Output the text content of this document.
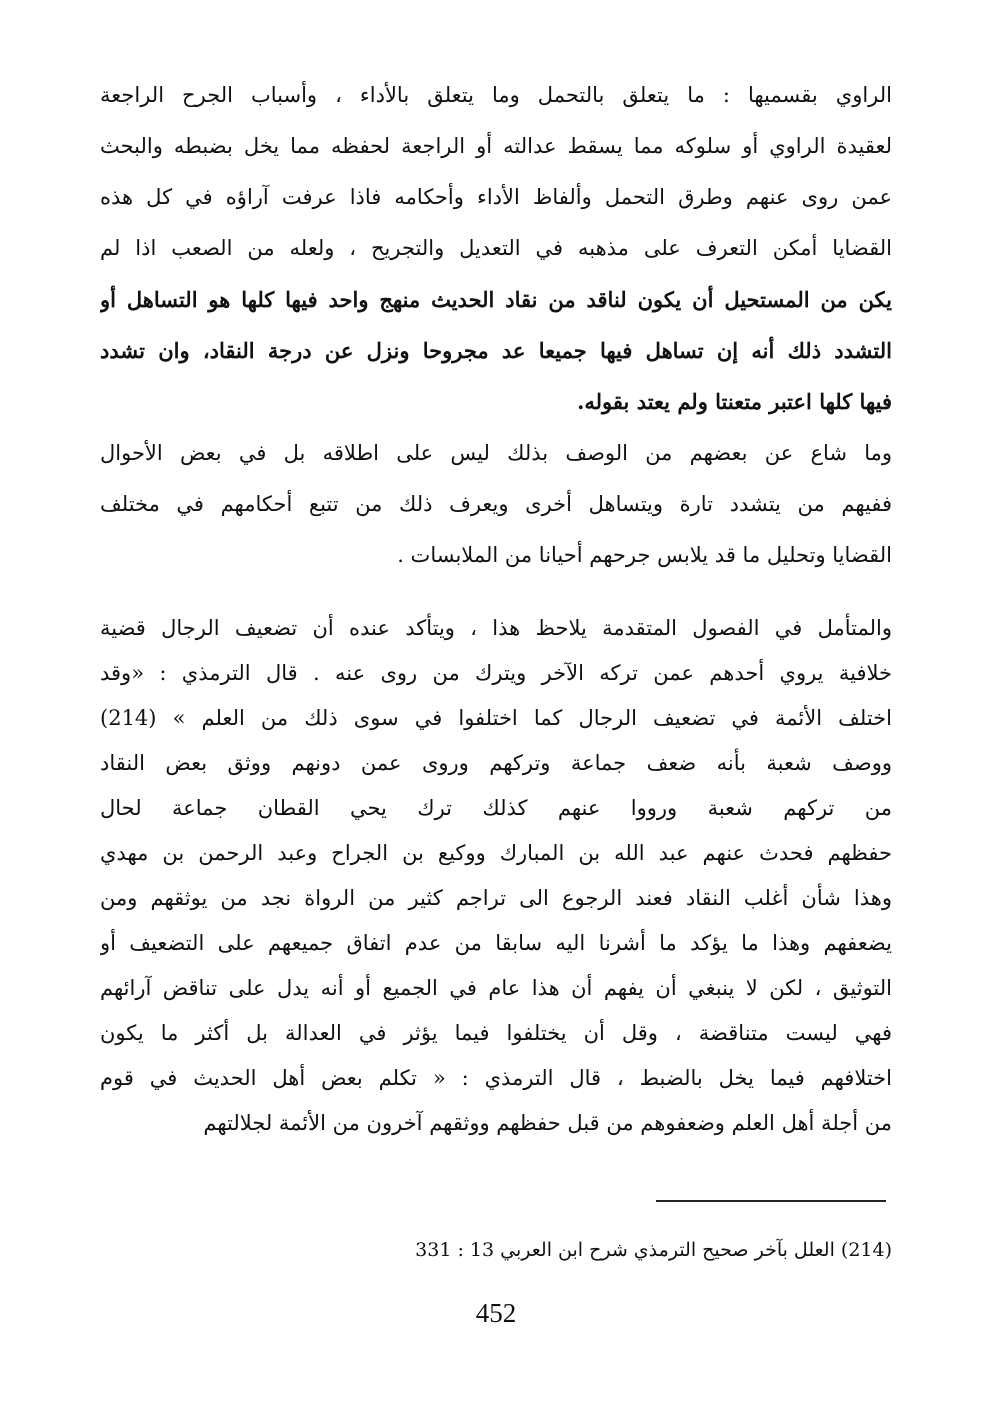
الراوي بقسميها : ما يتعلق بالتحمل وما يتعلق بالأداء ، وأسباب الجرح الراجعة
لعقيدة الراوي أو سلوكه مما يسقط عدالته أو الراجعة لحفظه مما يخل بضبطه والبحث
عمن روى عنهم وطرق التحمل وألفاظ الأداء وأحكامه فاذا عرفت آراؤه في كل هذه
القضايا أمكن التعرف على مذهبه في التعديل والتجريح ، ولعله من الصعب اذا لم
يكن من المستحيل أن يكون لناقد من نقاد الحديث منهج واحد فيها كلها هو التساهل أو
التشدد ذلك أنه إن تساهل فيها جميعا عد مجروحا ونزل عن درجة النقاد، وان تشدد
فيها كلها اعتبر متعنتا ولم يعتد بقوله.
وما شاع عن بعضهم من الوصف بذلك ليس على اطلاقه بل في بعض الأحوال
ففيهم من يتشدد تارة ويتساهل أخرى ويعرف ذلك من تتبع أحكامهم في مختلف
القضايا وتحليل ما قد يلابس جرحهم أحيانا من الملابسات .
والمتأمل في الفصول المتقدمة يلاحظ هذا ، ويتأكد عنده أن تضعيف الرجال قضية
خلافية يروي أحدهم عمن تركه الآخر ويترك من روى عنه . قال الترمذي : «وقد
اختلف الأئمة في تضعيف الرجال كما اختلفوا في سوى ذلك من العلم » (214)
ووصف شعبة بأنه ضعف جماعة وتركهم وروى عمن دونهم ووثق بعض النقاد
من تركهم شعبة ورووا عنهم كذلك ترك يحي القطان جماعة لحال
حفظهم فحدث عنهم عبد الله بن المبارك ووكيع بن الجراح وعبد الرحمن بن مهدي
وهذا شأن أغلب النقاد فعند الرجوع الى تراجم كثير من الرواة نجد من يوثقهم ومن
يضعفهم وهذا ما يؤكد ما أشرنا اليه سابقا من عدم اتفاق جميعهم على التضعيف أو
التوثيق ، لكن لا ينبغي أن يفهم أن هذا عام في الجميع أو أنه يدل على تناقض آرائهم
فهي ليست متناقضة ، وقل أن يختلفوا فيما يؤثر في العدالة بل أكثر ما يكون
اختلافهم فيما يخل بالضبط ، قال الترمذي : « تكلم بعض أهل الحديث في قوم
من أجلة أهل العلم وضعفوهم من قبل حفظهم ووثقهم آخرون من الأئمة لجلالتهم
(214) العلل بآخر صحيح الترمذي شرح ابن العربي 13 : 331
452
